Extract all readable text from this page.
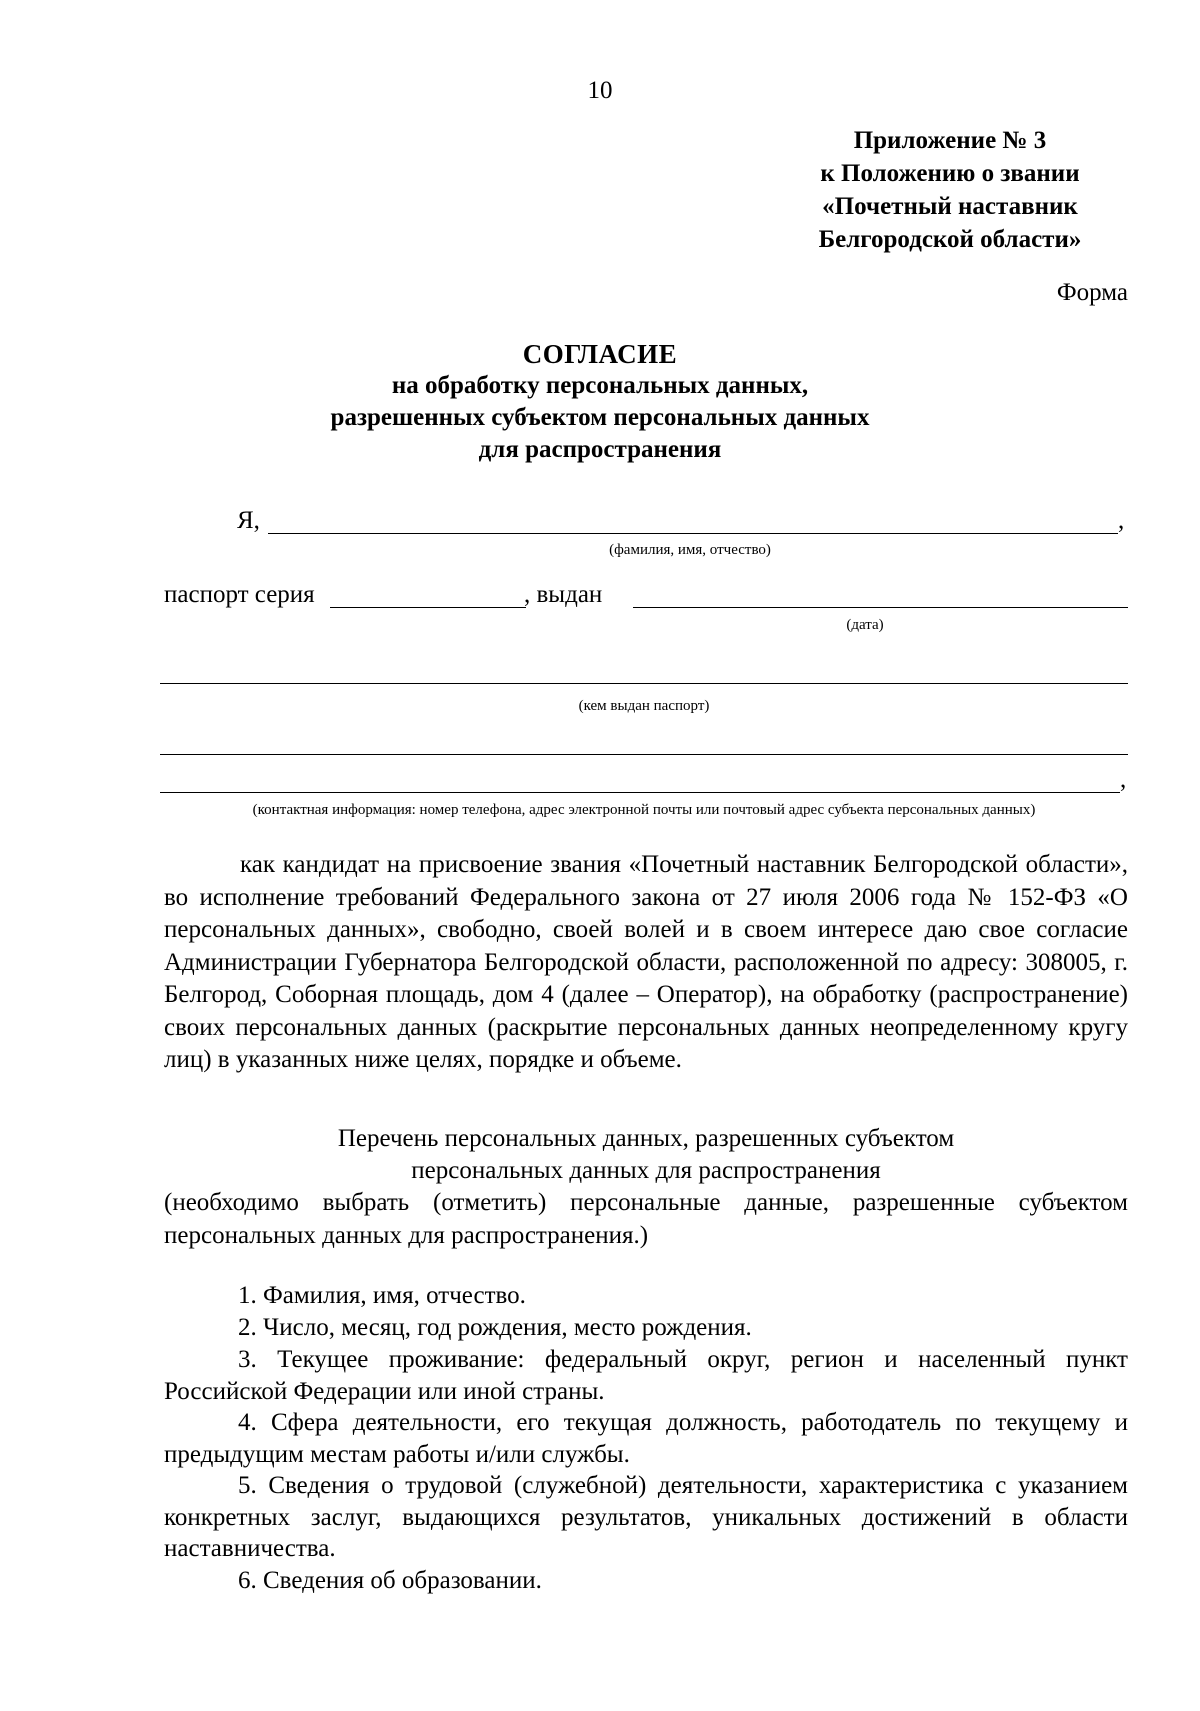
10
Приложение № 3
к Положению о звании
«Почетный наставник
Белгородской области»
Форма
СОГЛАСИЕ
на обработку персональных данных,
разрешенных субъектом персональных данных
для распространения
Я,	,
(фамилия, имя, отчество)
паспорт серия	, выдан
(дата)
(кем выдан паспорт)
,
(контактная информация: номер телефона, адрес электронной почты или почтовый адрес субъекта персональных данных)
как кандидат на присвоение звания «Почетный наставник Белгородской области», во исполнение требований Федерального закона от 27 июля 2006 года № 152-ФЗ «О персональных данных», свободно, своей волей и в своем интересе даю свое согласие Администрации Губернатора Белгородской области, расположенной по адресу: 308005, г. Белгород, Соборная площадь, дом 4 (далее – Оператор), на обработку (распространение) своих персональных данных (раскрытие персональных данных неопределенному кругу лиц) в указанных ниже целях, порядке и объеме.
Перечень персональных данных, разрешенных субъектом
персональных данных для распространения
(необходимо выбрать (отметить) персональные данные, разрешенные субъектом персональных данных для распространения.)
1. Фамилия, имя, отчество.
2. Число, месяц, год рождения, место рождения.
3. Текущее проживание: федеральный округ, регион и населенный пункт Российской Федерации или иной страны.
4. Сфера деятельности, его текущая должность, работодатель по текущему и предыдущим местам работы и/или службы.
5. Сведения о трудовой (служебной) деятельности, характеристика с указанием конкретных заслуг, выдающихся результатов, уникальных достижений в области наставничества.
6. Сведения об образовании.
